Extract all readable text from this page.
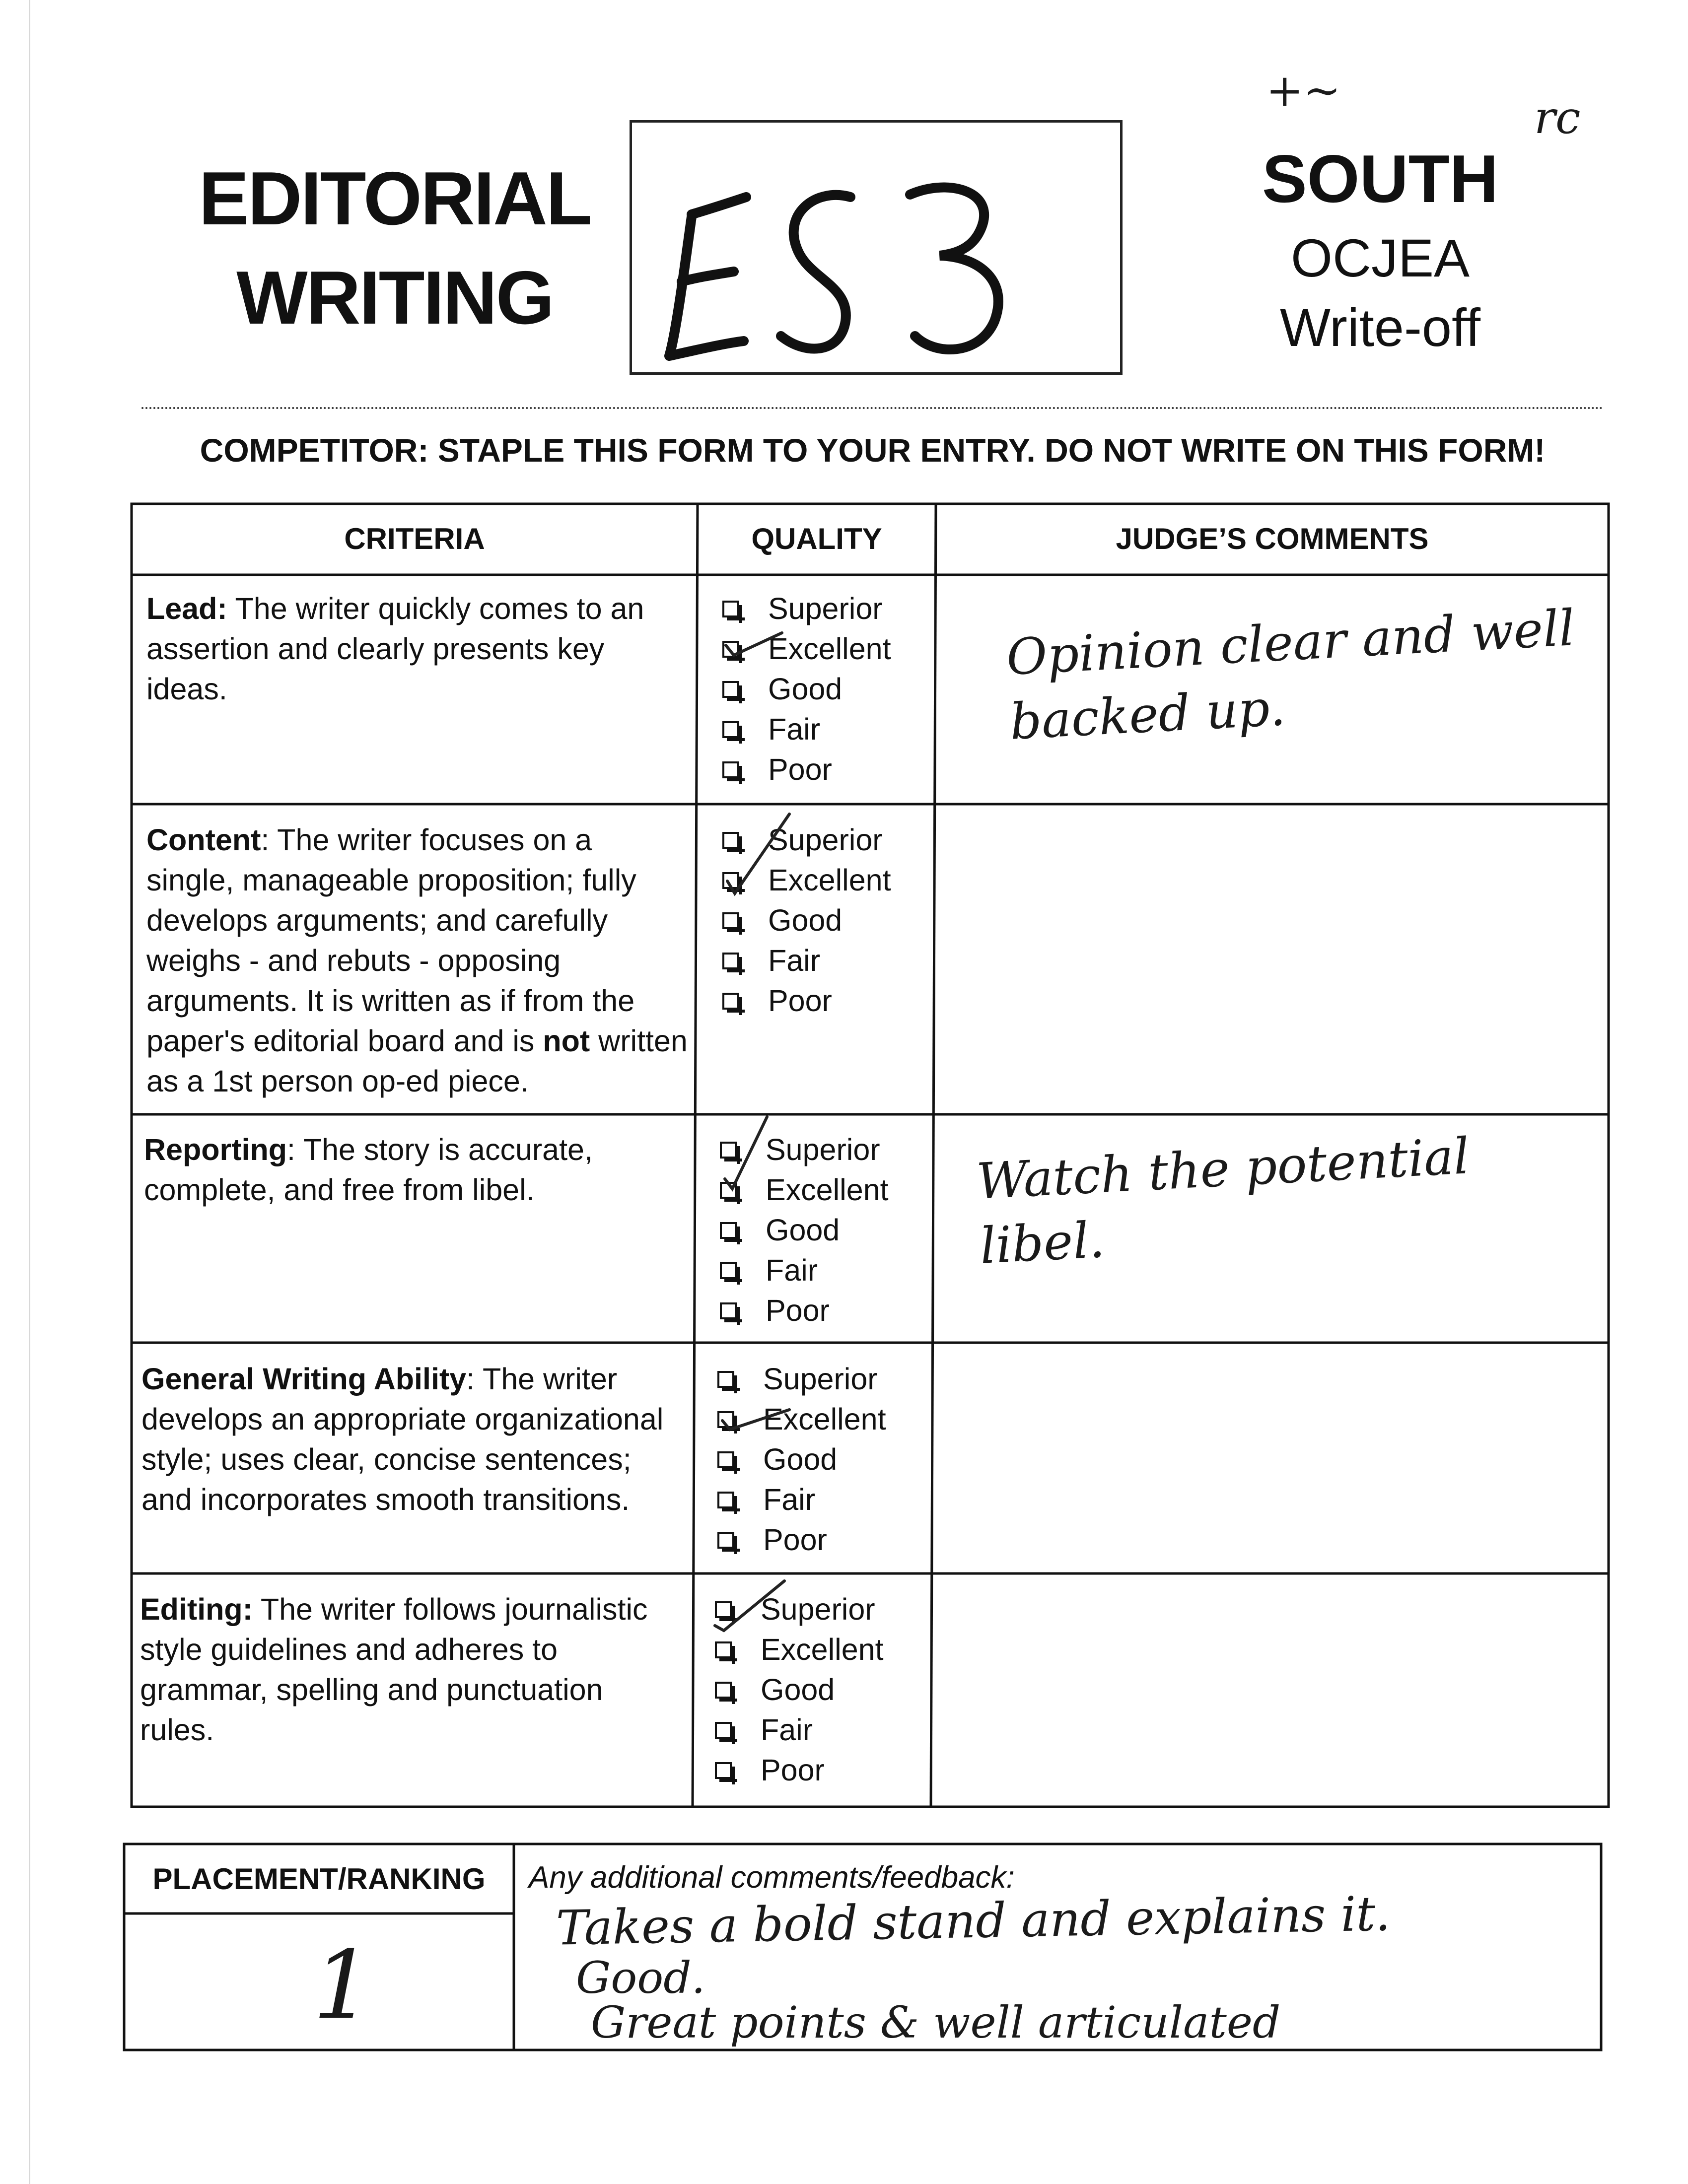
EDITORIAL
WRITING
SOUTH
OCJEA
Write-off
+~
rc
COMPETITOR: STAPLE THIS FORM TO YOUR ENTRY. DO NOT WRITE ON THIS FORM!
CRITERIA	QUALITY	JUDGE’S COMMENTS
Lead: The writer quickly comes to an assertion and clearly presents key ideas.
Superior
Excellent
Good
Fair
Poor
Opinion clear and well
backed up.
Content: The writer focuses on a single, manageable proposition; fully develops arguments; and carefully weighs - and rebuts - opposing arguments. It is written as if from the paper's editorial board and is not written as a 1st person op-ed piece.
Superior
Excellent
Good
Fair
Poor
Reporting: The story is accurate, complete, and free from libel.
Superior
Excellent
Good
Fair
Poor
Watch the potential
libel.
General Writing Ability: The writer develops an appropriate organizational style; uses clear, concise sentences; and incorporates smooth transitions.
Superior
Excellent
Good
Fair
Poor
Editing: The writer follows journalistic style guidelines and adheres to grammar, spelling and punctuation rules.
Superior
Excellent
Good
Fair
Poor
PLACEMENT/RANKING
1
Any additional comments/feedback:
Takes a bold stand and explains it.
Good.
Great points & well articulated
